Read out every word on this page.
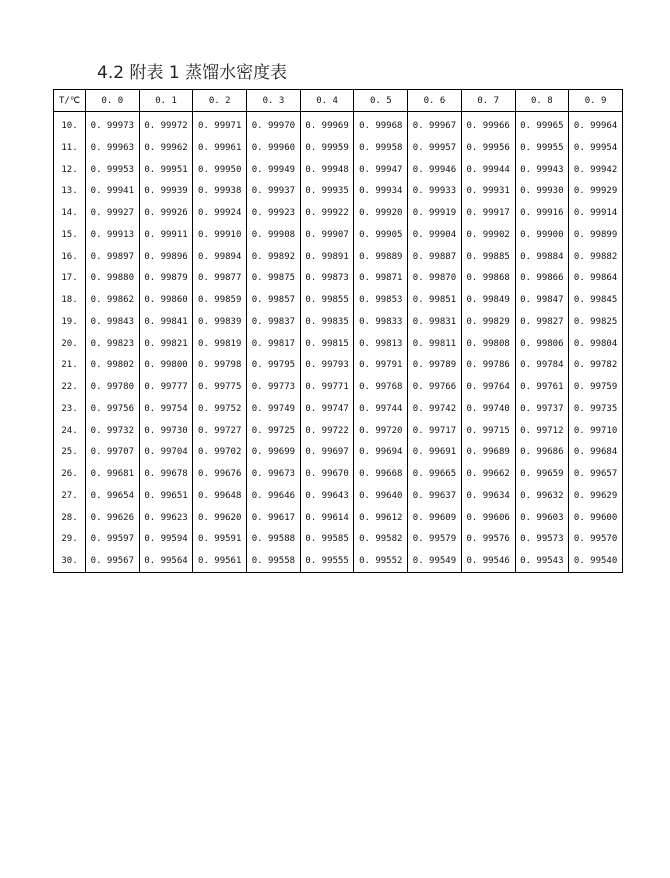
4.2 附表 1 蒸馏水密度表
T/℃	0. 0	0. 1	0. 2	0. 3	0. 4	0. 5	0. 6	0. 7	0. 8	0. 9
10.	0. 99973	0. 99972	0. 99971	0. 99970	0. 99969	0. 99968	0. 99967	0. 99966	0. 99965	0. 99964
11.	0. 99963	0. 99962	0. 99961	0. 99960	0. 99959	0. 99958	0. 99957	0. 99956	0. 99955	0. 99954
12.	0. 99953	0. 99951	0. 99950	0. 99949	0. 99948	0. 99947	0. 99946	0. 99944	0. 99943	0. 99942
13.	0. 99941	0. 99939	0. 99938	0. 99937	0. 99935	0. 99934	0. 99933	0. 99931	0. 99930	0. 99929
14.	0. 99927	0. 99926	0. 99924	0. 99923	0. 99922	0. 99920	0. 99919	0. 99917	0. 99916	0. 99914
15.	0. 99913	0. 99911	0. 99910	0. 99908	0. 99907	0. 99905	0. 99904	0. 99902	0. 99900	0. 99899
16.	0. 99897	0. 99896	0. 99894	0. 99892	0. 99891	0. 99889	0. 99887	0. 99885	0. 99884	0. 99882
17.	0. 99880	0. 99879	0. 99877	0. 99875	0. 99873	0. 99871	0. 99870	0. 99868	0. 99866	0. 99864
18.	0. 99862	0. 99860	0. 99859	0. 99857	0. 99855	0. 99853	0. 99851	0. 99849	0. 99847	0. 99845
19.	0. 99843	0. 99841	0. 99839	0. 99837	0. 99835	0. 99833	0. 99831	0. 99829	0. 99827	0. 99825
20.	0. 99823	0. 99821	0. 99819	0. 99817	0. 99815	0. 99813	0. 99811	0. 99808	0. 99806	0. 99804
21.	0. 99802	0. 99800	0. 99798	0. 99795	0. 99793	0. 99791	0. 99789	0. 99786	0. 99784	0. 99782
22.	0. 99780	0. 99777	0. 99775	0. 99773	0. 99771	0. 99768	0. 99766	0. 99764	0. 99761	0. 99759
23.	0. 99756	0. 99754	0. 99752	0. 99749	0. 99747	0. 99744	0. 99742	0. 99740	0. 99737	0. 99735
24.	0. 99732	0. 99730	0. 99727	0. 99725	0. 99722	0. 99720	0. 99717	0. 99715	0. 99712	0. 99710
25.	0. 99707	0. 99704	0. 99702	0. 99699	0. 99697	0. 99694	0. 99691	0. 99689	0. 99686	0. 99684
26.	0. 99681	0. 99678	0. 99676	0. 99673	0. 99670	0. 99668	0. 99665	0. 99662	0. 99659	0. 99657
27.	0. 99654	0. 99651	0. 99648	0. 99646	0. 99643	0. 99640	0. 99637	0. 99634	0. 99632	0. 99629
28.	0. 99626	0. 99623	0. 99620	0. 99617	0. 99614	0. 99612	0. 99609	0. 99606	0. 99603	0. 99600
29.	0. 99597	0. 99594	0. 99591	0. 99588	0. 99585	0. 99582	0. 99579	0. 99576	0. 99573	0. 99570
30.	0. 99567	0. 99564	0. 99561	0. 99558	0. 99555	0. 99552	0. 99549	0. 99546	0. 99543	0. 99540
